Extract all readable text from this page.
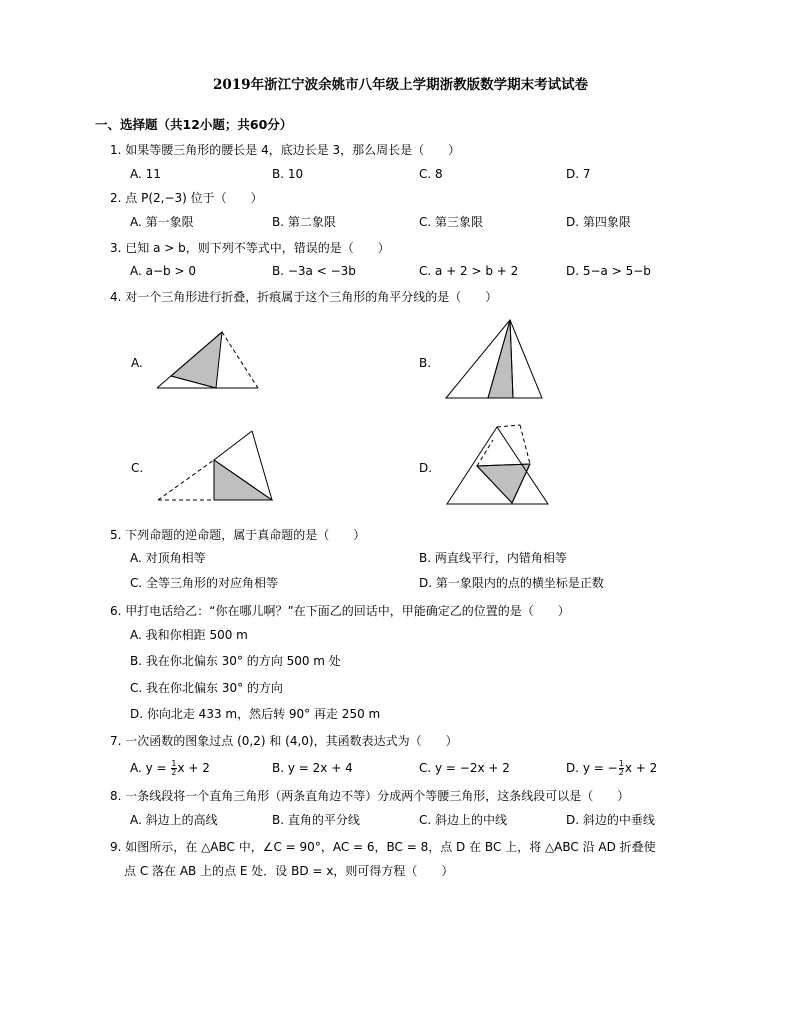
2019年浙江宁波余姚市八年级上学期浙教版数学期末考试试卷
一、选择题（共12小题；共60分）
1. 如果等腰三角形的腰长是 4，底边长是 3，那么周长是（　　）
A. 11	B. 10	C. 8	D. 7
2. 点 P(2,−3) 位于（　　）
A. 第一象限	B. 第二象限	C. 第三象限	D. 第四象限
3. 已知 a > b，则下列不等式中，错误的是（　　）
A. a−b > 0	B. −3a < −3b	C. a + 2 > b + 2	D. 5−a > 5−b
4. 对一个三角形进行折叠，折痕属于这个三角形的角平分线的是（　　）
A.	B.
C.	D.
5. 下列命题的逆命题，属于真命题的是（　　）
A. 对顶角相等	B. 两直线平行，内错角相等
C. 全等三角形的对应角相等	D. 第一象限内的点的横坐标是正数
6. 甲打电话给乙：“你在哪儿啊？”在下面乙的回话中，甲能确定乙的位置的是（　　）
A. 我和你相距 500 m
B. 我在你北偏东 30° 的方向 500 m 处
C. 我在你北偏东 30° 的方向
D. 你向北走 433 m，然后转 90° 再走 250 m
7. 一次函数的图象过点 (0,2) 和 (4,0)，其函数表达式为（　　）
A. $y = \frac{1}{2}$ x + 2	B. y = 2x + 4	C. y = −2x + 2	D. y = − $\frac{1}{2}$ x + 2
8. 一条线段将一个直角三角形（两条直角边不等）分成两个等腰三角形，这条线段可以是（　　）
A. 斜边上的高线	B. 直角的平分线	C. 斜边上的中线	D. 斜边的中垂线
9. 如图所示，在 △ABC 中，∠C = 90°，AC = 6，BC = 8，点 D 在 BC 上，将 △ABC 沿 AD 折叠使
点 C 落在 AB 上的点 E 处．设 BD = x，则可得方程（　　）
